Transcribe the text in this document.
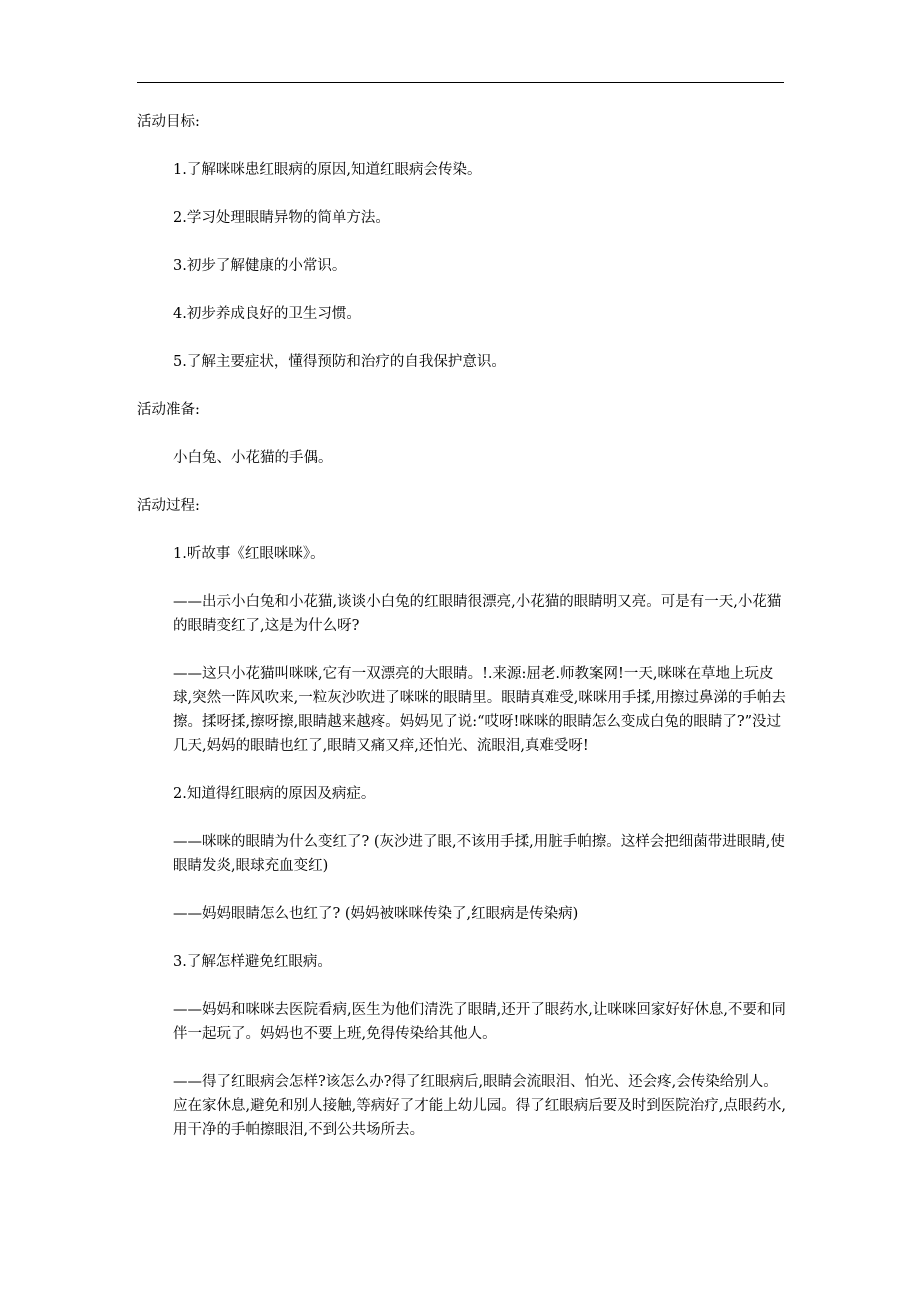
活动目标:

1.了解咪咪患红眼病的原因,知道红眼病会传染。

2.学习处理眼睛异物的简单方法。

3.初步了解健康的小常识。

4.初步养成良好的卫生习惯。

5.了解主要症状，懂得预防和治疗的自我保护意识。

活动准备:

小白兔、小花猫的手偶。

活动过程:

1.听故事《红眼咪咪》。

——出示小白兔和小花猫,谈谈小白兔的红眼睛很漂亮,小花猫的眼睛明又亮。可是有一天,小花猫的眼睛变红了,这是为什么呀?

——这只小花猫叫咪咪,它有一双漂亮的大眼睛。!.来源:屈老.师教案网!一天,咪咪在草地上玩皮球,突然一阵风吹来,一粒灰沙吹进了咪咪的眼睛里。眼睛真难受,咪咪用手揉,用擦过鼻涕的手帕去擦。揉呀揉,擦呀擦,眼睛越来越疼。妈妈见了说:“哎呀!咪咪的眼睛怎么变成白兔的眼睛了?”没过几天,妈妈的眼睛也红了,眼睛又痛又痒,还怕光、流眼泪,真难受呀!

2.知道得红眼病的原因及病症。

——咪咪的眼睛为什么变红了? (灰沙进了眼,不该用手揉,用脏手帕擦。这样会把细菌带进眼睛,使眼睛发炎,眼球充血变红)

——妈妈眼睛怎么也红了? (妈妈被咪咪传染了,红眼病是传染病)

3.了解怎样避免红眼病。

——妈妈和咪咪去医院看病,医生为他们清洗了眼睛,还开了眼药水,让咪咪回家好好休息,不要和同伴一起玩了。妈妈也不要上班,免得传染给其他人。

——得了红眼病会怎样?该怎么办?得了红眼病后,眼睛会流眼泪、怕光、还会疼,会传染给别人。应在家休息,避免和别人接触,等病好了才能上幼儿园。得了红眼病后要及时到医院治疗,点眼药水,用干净的手帕擦眼泪,不到公共场所去。
